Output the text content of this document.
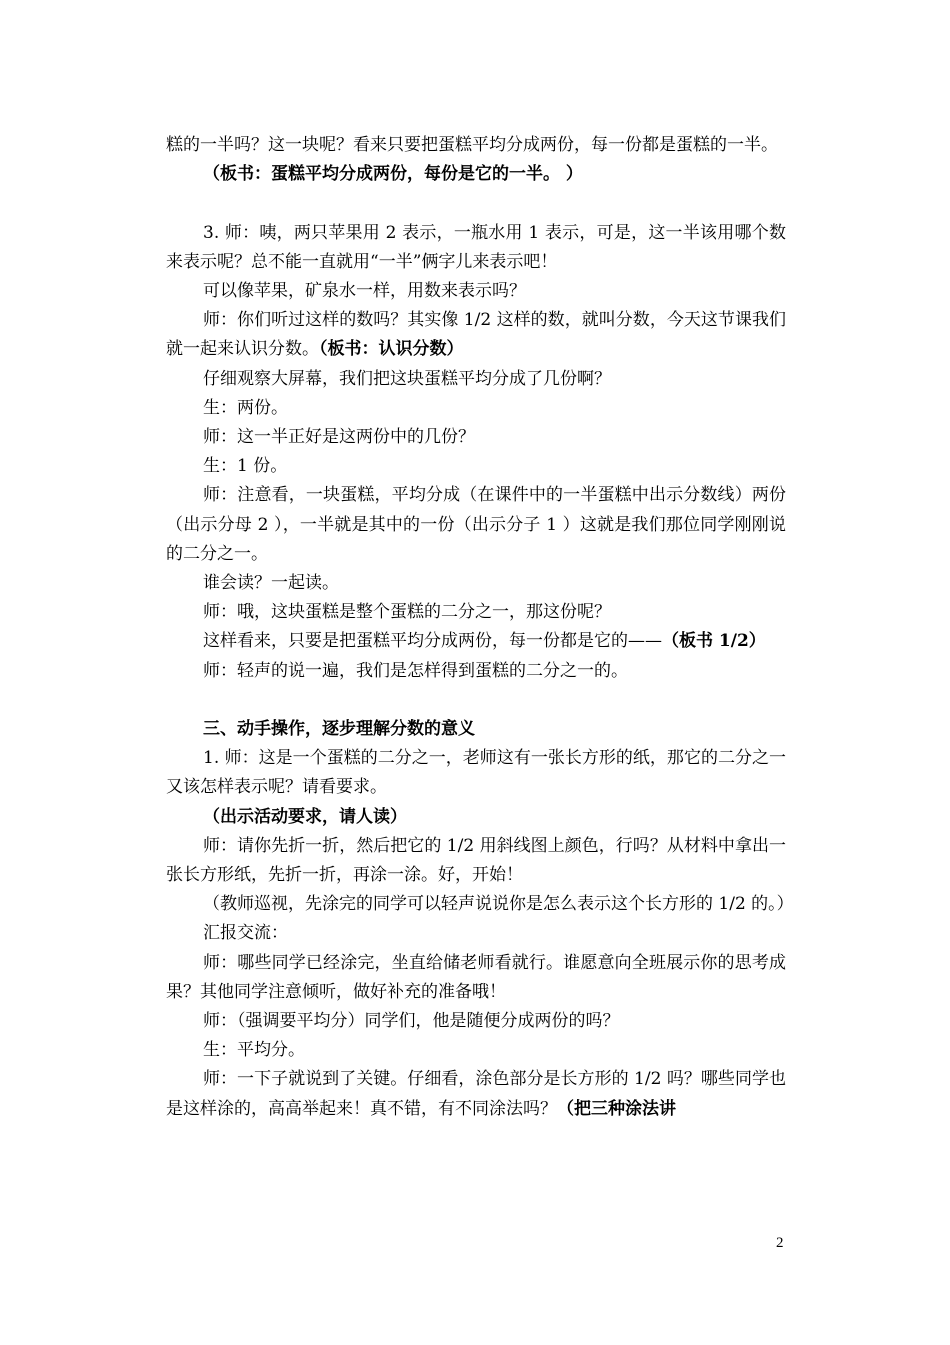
糕的一半吗？这一块呢？看来只要把蛋糕平均分成两份，每一份都是蛋糕的一半。

（板书：蛋糕平均分成两份，每份是它的一半。 ）

3. 师：咦，两只苹果用 2 表示，一瓶水用 1 表示，可是，这一半该用哪个数来表示呢？总不能一直就用“一半”俩字儿来表示吧！

可以像苹果，矿泉水一样，用数来表示吗？

师：你们听过这样的数吗？其实像 1/2 这样的数，就叫分数，今天这节课我们就一起来认识分数。（板书：认识分数）

仔细观察大屏幕，我们把这块蛋糕平均分成了几份啊？

生：两份。

师：这一半正好是这两份中的几份？

生：1 份。

师：注意看，一块蛋糕，平均分成（在课件中的一半蛋糕中出示分数线）两份（出示分母 2 ），一半就是其中的一份（出示分子 1 ）这就是我们那位同学刚刚说的二分之一。

谁会读？一起读。

师：哦，这块蛋糕是整个蛋糕的二分之一，那这份呢？

这样看来，只要是把蛋糕平均分成两份，每一份都是它的——（板书 1/2）

师：轻声的说一遍，我们是怎样得到蛋糕的二分之一的。

三、动手操作，逐步理解分数的意义

1. 师：这是一个蛋糕的二分之一，老师这有一张长方形的纸，那它的二分之一又该怎样表示呢？请看要求。

（出示活动要求，请人读）

师：请你先折一折，然后把它的 1/2 用斜线图上颜色，行吗？从材料中拿出一张长方形纸，先折一折，再涂一涂。好，开始！

（教师巡视，先涂完的同学可以轻声说说你是怎么表示这个长方形的 1/2 的。）

汇报交流：

师：哪些同学已经涂完，坐直给储老师看就行。谁愿意向全班展示你的思考成果？其他同学注意倾听，做好补充的准备哦！

师：（强调要平均分）同学们，他是随便分成两份的吗？

生：平均分。

师：一下子就说到了关键。仔细看，涂色部分是长方形的 1/2 吗？哪些同学也是这样涂的，高高举起来！真不错，有不同涂法吗？（把三种涂法讲

2
